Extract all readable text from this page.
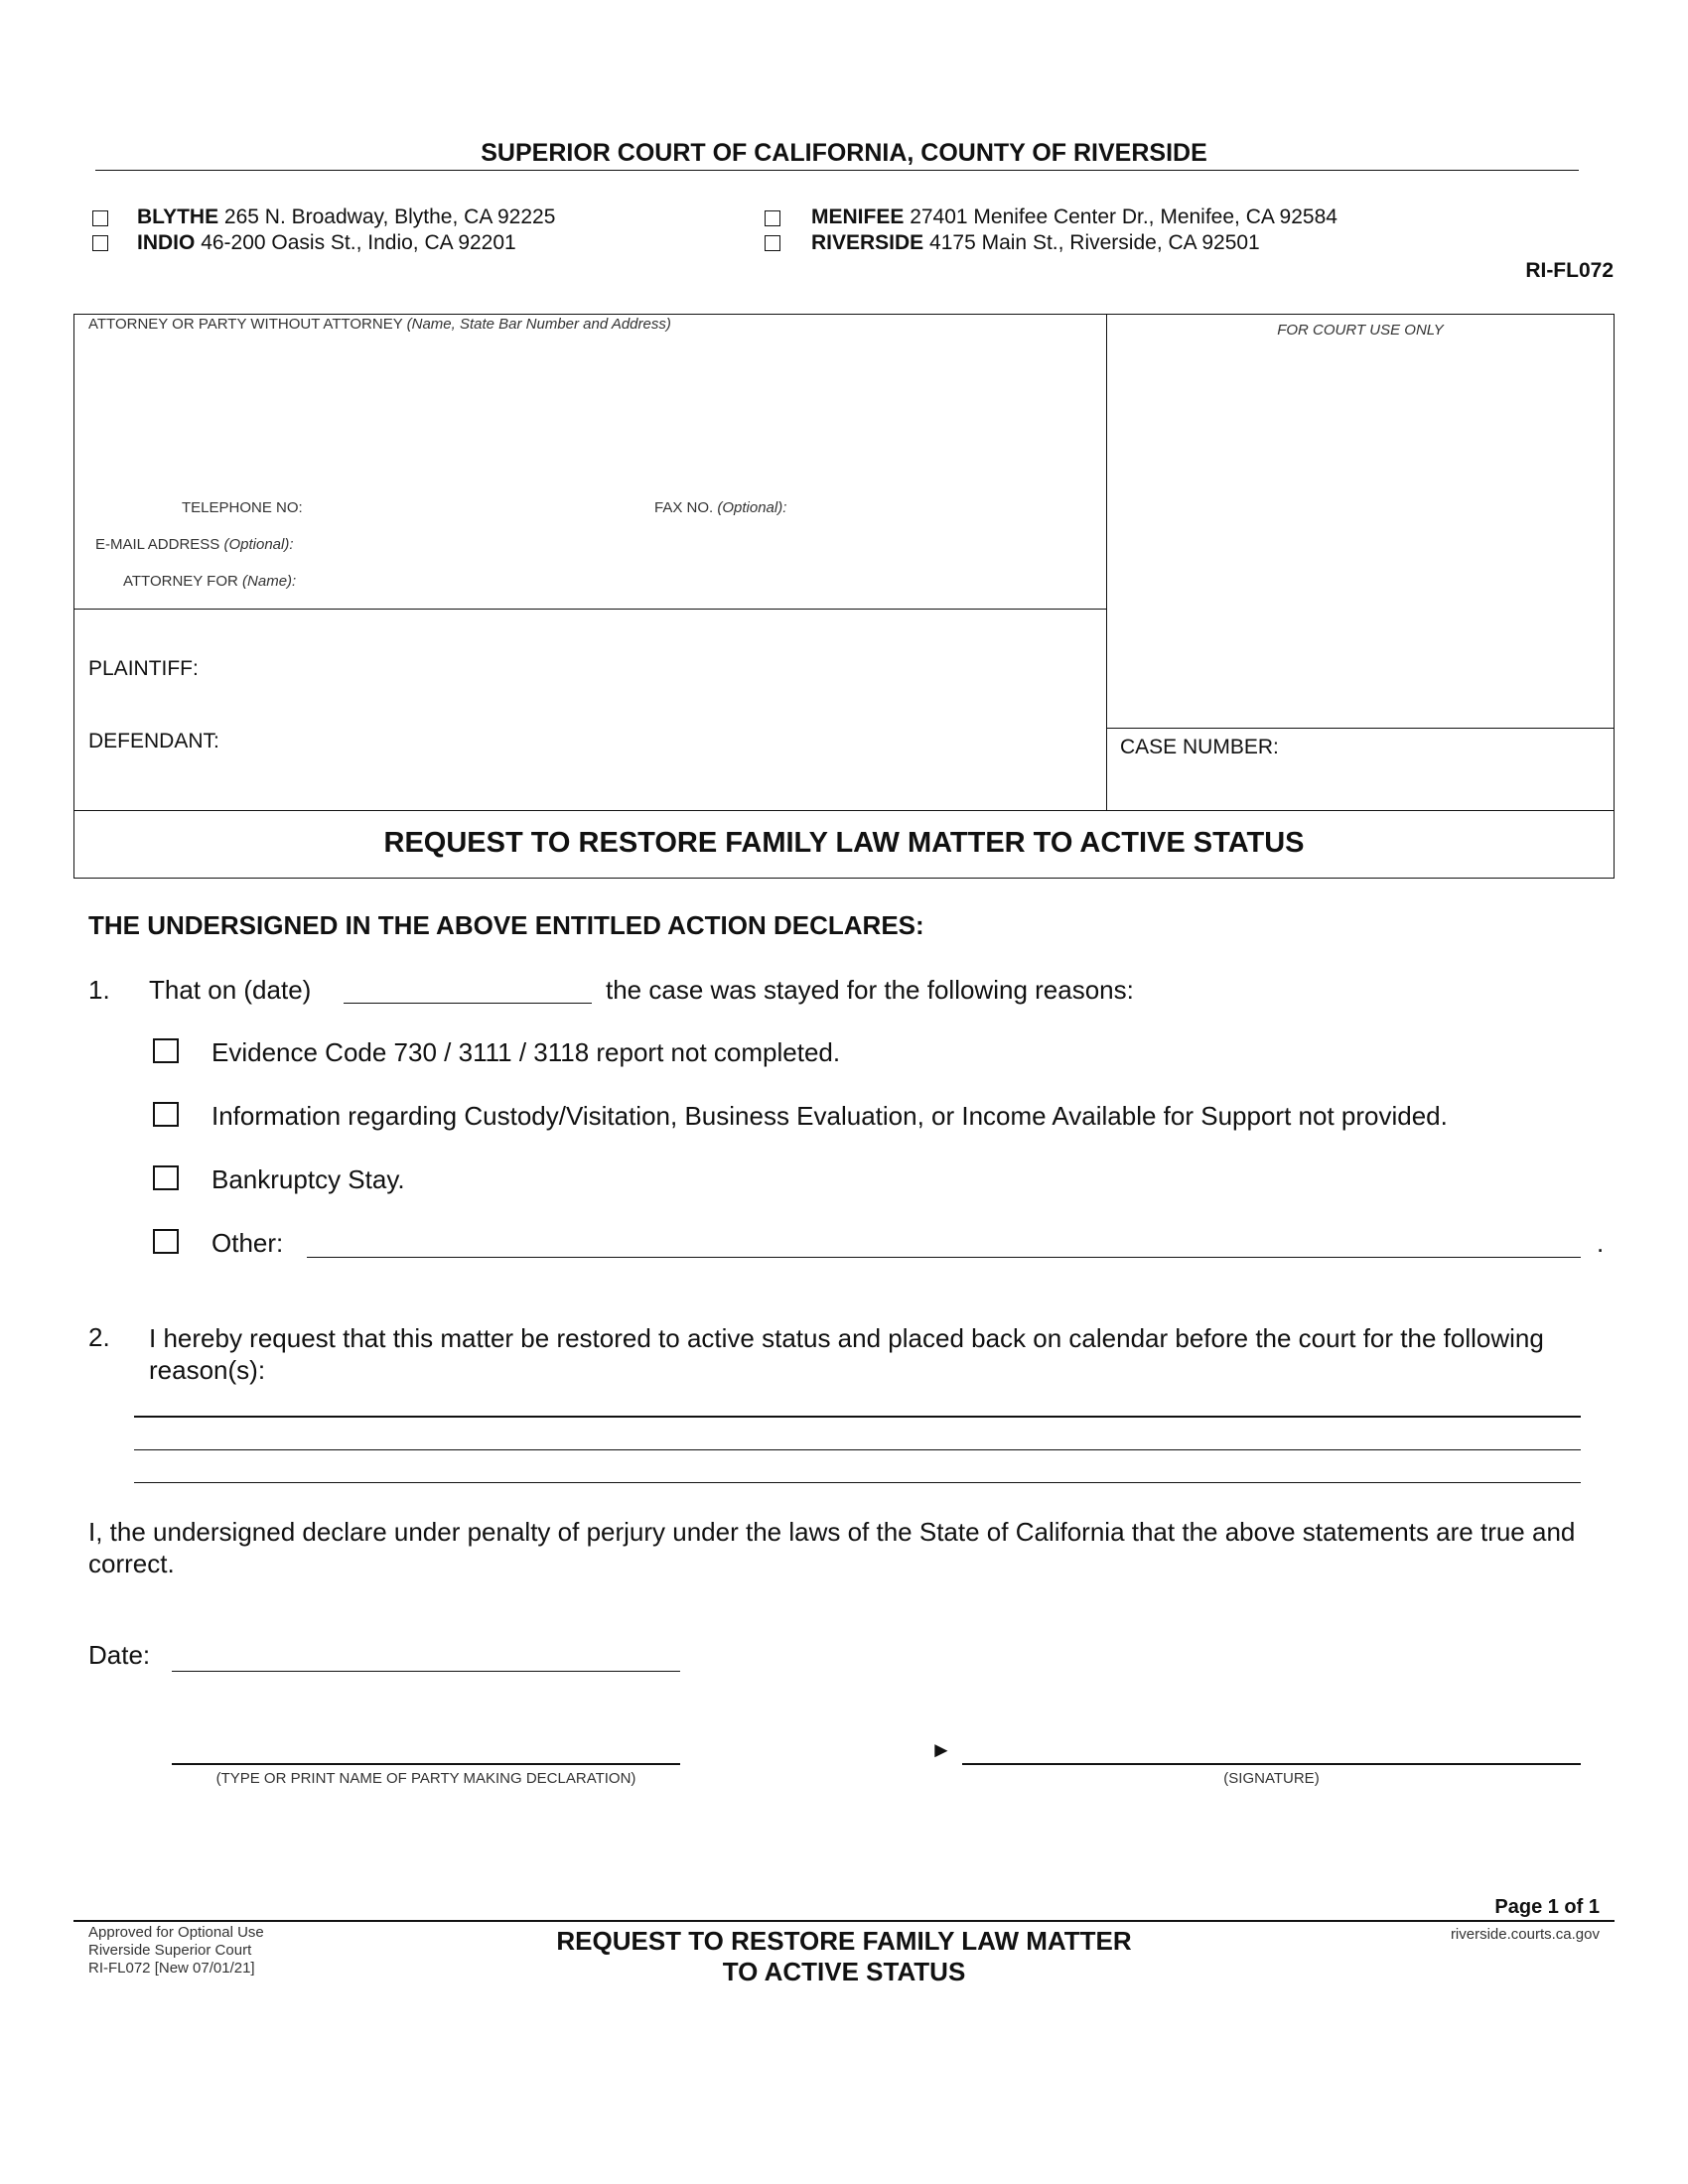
SUPERIOR COURT OF CALIFORNIA, COUNTY OF RIVERSIDE
BLYTHE 265 N. Broadway, Blythe, CA 92225
INDIO 46-200 Oasis St., Indio, CA 92201
MENIFEE 27401 Menifee Center Dr., Menifee, CA 92584
RIVERSIDE 4175 Main St., Riverside, CA 92501
RI-FL072
ATTORNEY OR PARTY WITHOUT ATTORNEY (Name, State Bar Number and Address)	FOR COURT USE ONLY
TELEPHONE NO:	FAX NO. (Optional):
E-MAIL ADDRESS (Optional):
ATTORNEY FOR (Name):
PLAINTIFF:
DEFENDANT:	CASE NUMBER:
REQUEST TO RESTORE FAMILY LAW MATTER TO ACTIVE STATUS
THE UNDERSIGNED IN THE ABOVE ENTITLED ACTION DECLARES:
1. That on (date)	the case was stayed for the following reasons:
Evidence Code 730 / 3111 / 3118 report not completed.
Information regarding Custody/Visitation, Business Evaluation, or Income Available for Support not provided.
Bankruptcy Stay.
Other:	.
2. I hereby request that this matter be restored to active status and placed back on calendar before the court for the following reason(s):
I, the undersigned declare under penalty of perjury under the laws of the State of California that the above statements are true and correct.
Date:
(TYPE OR PRINT NAME OF PARTY MAKING DECLARATION)
►
(SIGNATURE)
Page 1 of 1
Approved for Optional Use
Riverside Superior Court
RI-FL072 [New 07/01/21]
REQUEST TO RESTORE FAMILY LAW MATTER
TO ACTIVE STATUS
riverside.courts.ca.gov
